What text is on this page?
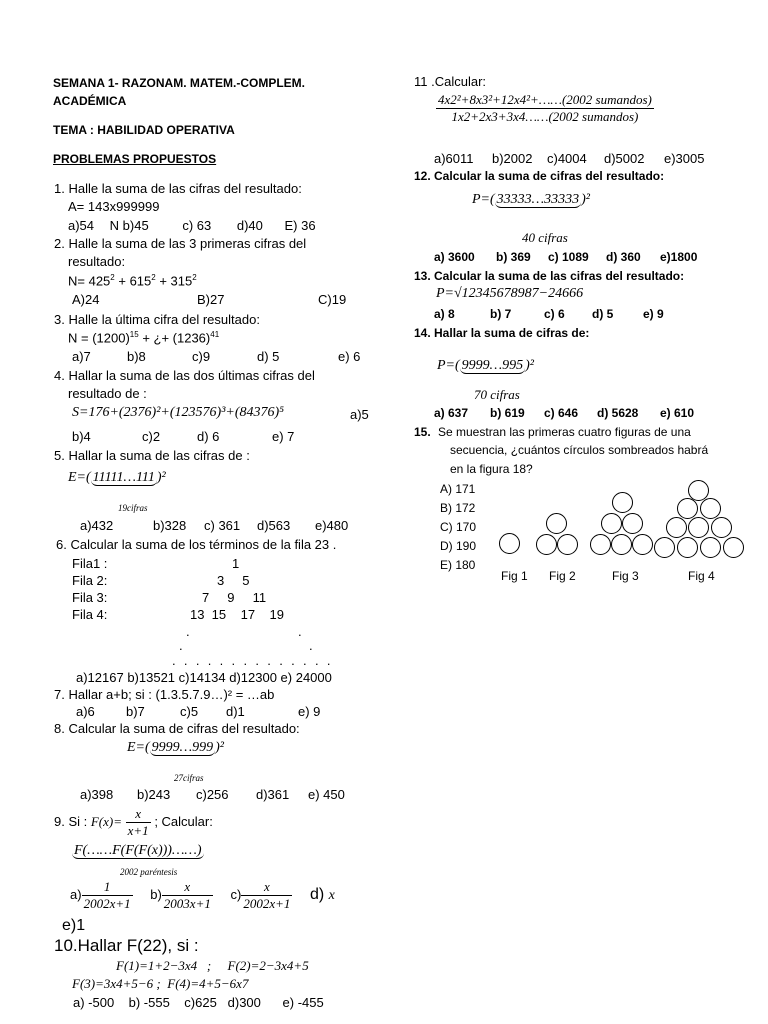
SEMANA 1- RAZONAM. MATEM.-COMPLEM.
ACADÉMICA
TEMA : HABILIDAD OPERATIVA
PROBLEMAS PROPUESTOS
1. Halle la suma de las cifras del resultado:
A= 143x999999
a)54 N b)45	c) 63 d)40 E) 36
2. Halle la suma de las 3 primeras cifras del
resultado:
$N= 425^2 + 615^2 + 315^2$
A)24	B)27	C)19
3. Halle la última cifra del resultado:
$N = (1200)^{15}$ + ¿+ $(1236)^{41}$
a)7	b)8	c)9	d) 5	e) 6
4. Hallar la suma de las dos últimas cifras del
resultado de :
S=176+(2376)²+(123576)³+(84376)⁵	a)5
b)4	c)2	d) 6	e) 7
5. Hallar la suma de las cifras de :
E=( 11111…111 )²
19cifras
a)432	b)328 c) 361 d)563 e)480
6. Calcular la suma de los términos de la fila 23 .
Fila1 :	1
Fila 2:	3     5
Fila 3:	7     9     11
Fila 4:	13  15    17    19
.	.
.	.
..............
a)12167 b)13521 c)14134 d)12300 e) 24000
7. Hallar a+b; si : (1.3.5.7.9…)² = …ab
a)6 b)7	c)5 d)1	e) 9
8. Calcular la suma de cifras del resultado:
E=( 9999…999 )²
27cifras
a)398 b)243 c)256 d)361 e) 450
9. Si : $F(x)= \frac{x}{x+1}$ ; Calcular:
F(……F(F(F(x)))……)
2002 paréntesis
$a) \frac{1}{2002x+1} b) \frac{x}{2003x+1} c) \frac{x}{2002x+1} d$) x
e)1
10.Hallar F(22), si :
F(1)=1+2−3x4   ;     F(2)=2−3x4+5
F(3)=3x4+5−6 ;  F(4)=4+5−6x7
a) -500    b) -555    c)625   d)300      e) -455
11 .Calcular:
$\frac{\text{4x2²+8x3²+12x4²+……(2002 sumandos)}}{\text{1x2+2x3+3x4……(2002 sumandos)}}$
a)6011 b)2002 c)4004 d)5002 e)3005
12. Calcular la suma de cifras del resultado:
P=( 33333…33333 )²
40 cifras
a) 3600 b) 369 c) 1089 d) 360 e)1800
13. Calcular la suma de las cifras del resultado:
P=√12345678987−24666
a) 8	b) 7	c) 6 d) 5 e) 9
14. Hallar la suma de cifras de:
P=( 9999…995 )²
70 cifras
a) 637 b) 619 c) 646 d) 5628 e) 610
15. Se muestran las primeras cuatro figuras de una
secuencia, ¿cuántos círculos sombreados habrá
en la figura 18?
A) 171
B) 172
C) 170
D) 190
E) 180
Fig 1 Fig 2	Fig 3	Fig 4
